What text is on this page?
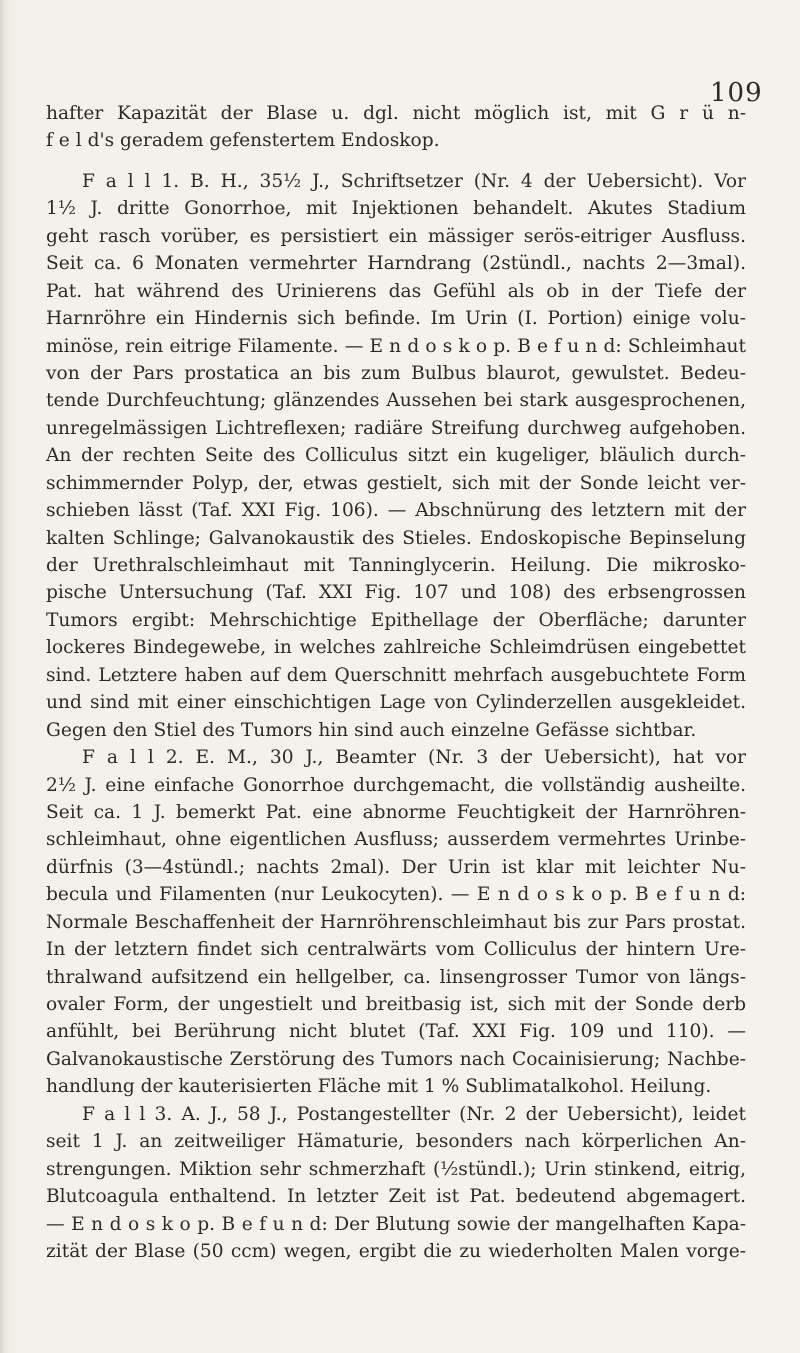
109
hafter Kapazität der Blase u. dgl. nicht möglich ist, mit G r ü n-
f e l d's geradem gefenstertem Endoskop.
F a l l 1. B. H., 35½ J., Schriftsetzer (Nr. 4 der Uebersicht). Vor
1½ J. dritte Gonorrhoe, mit Injektionen behandelt. Akutes Stadium
geht rasch vorüber, es persistiert ein mässiger serös-eitriger Ausfluss.
Seit ca. 6 Monaten vermehrter Harndrang (2stündl., nachts 2—3mal).
Pat. hat während des Urinierens das Gefühl als ob in der Tiefe der
Harnröhre ein Hindernis sich befinde. Im Urin (I. Portion) einige volu-
minöse, rein eitrige Filamente. — E n d o s k o p. B e f u n d: Schleimhaut
von der Pars prostatica an bis zum Bulbus blaurot, gewulstet. Bedeu-
tende Durchfeuchtung; glänzendes Aussehen bei stark ausgesprochenen,
unregelmässigen Lichtreflexen; radiäre Streifung durchweg aufgehoben.
An der rechten Seite des Colliculus sitzt ein kugeliger, bläulich durch-
schimmernder Polyp, der, etwas gestielt, sich mit der Sonde leicht ver-
schieben lässt (Taf. XXI Fig. 106). — Abschnürung des letztern mit der
kalten Schlinge; Galvanokaustik des Stieles. Endoskopische Bepinselung
der Urethralschleimhaut mit Tanninglycerin. Heilung. Die mikrosko-
pische Untersuchung (Taf. XXI Fig. 107 und 108) des erbsengrossen
Tumors ergibt: Mehrschichtige Epithellage der Oberfläche; darunter
lockeres Bindegewebe, in welches zahlreiche Schleimdrüsen eingebettet
sind. Letztere haben auf dem Querschnitt mehrfach ausgebuchtete Form
und sind mit einer einschichtigen Lage von Cylinderzellen ausgekleidet.
Gegen den Stiel des Tumors hin sind auch einzelne Gefässe sichtbar.
F a l l 2. E. M., 30 J., Beamter (Nr. 3 der Uebersicht), hat vor
2½ J. eine einfache Gonorrhoe durchgemacht, die vollständig ausheilte.
Seit ca. 1 J. bemerkt Pat. eine abnorme Feuchtigkeit der Harnröhren-
schleimhaut, ohne eigentlichen Ausfluss; ausserdem vermehrtes Urinbe-
dürfnis (3—4stündl.; nachts 2mal). Der Urin ist klar mit leichter Nu-
becula und Filamenten (nur Leukocyten). — E n d o s k o p. B e f u n d:
Normale Beschaffenheit der Harnröhrenschleimhaut bis zur Pars prostat.
In der letztern findet sich centralwärts vom Colliculus der hintern Ure-
thralwand aufsitzend ein hellgelber, ca. linsengrosser Tumor von längs-
ovaler Form, der ungestielt und breitbasig ist, sich mit der Sonde derb
anfühlt, bei Berührung nicht blutet (Taf. XXI Fig. 109 und 110). —
Galvanokaustische Zerstörung des Tumors nach Cocainisierung; Nachbe-
handlung der kauterisierten Fläche mit 1 % Sublimatalkohol. Heilung.
F a l l 3. A. J., 58 J., Postangestellter (Nr. 2 der Uebersicht), leidet
seit 1 J. an zeitweiliger Hämaturie, besonders nach körperlichen An-
strengungen. Miktion sehr schmerzhaft (½stündl.); Urin stinkend, eitrig,
Blutcoagula enthaltend. In letzter Zeit ist Pat. bedeutend abgemagert.
— E n d o s k o p. B e f u n d: Der Blutung sowie der mangelhaften Kapa-
zität der Blase (50 ccm) wegen, ergibt die zu wiederholten Malen vorge-
